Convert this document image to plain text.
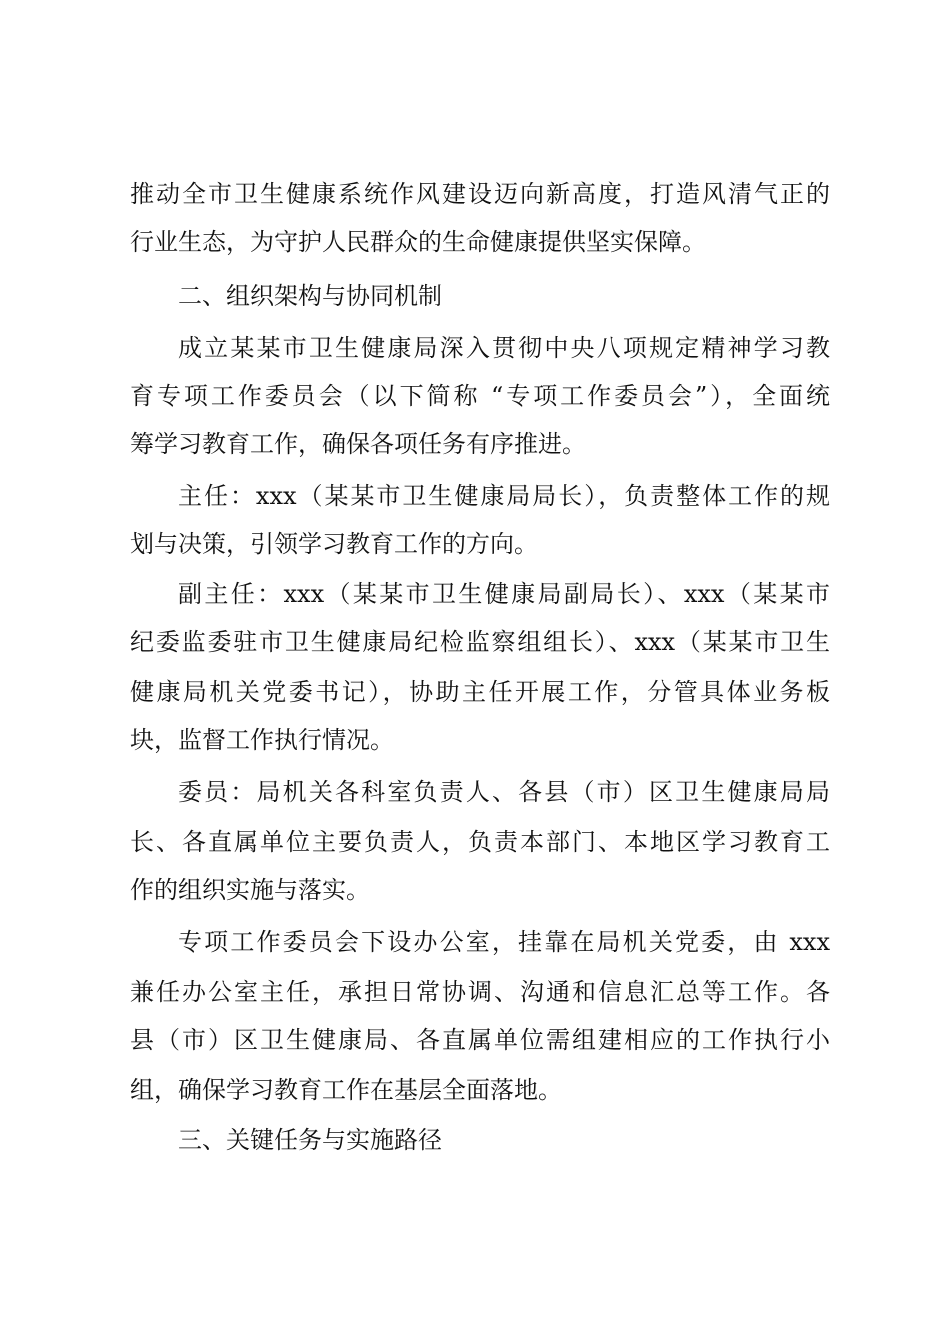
推动全市卫生健康系统作风建设迈向新高度，打造风清气正的
行业生态，为守护人民群众的生命健康提供坚实保障。
二、组织架构与协同机制
成立某某市卫生健康局深入贯彻中央八项规定精神学习教
育专项工作委员会（以下简称 “专项工作委员会”），全面统
筹学习教育工作，确保各项任务有序推进。
主任：xxx（某某市卫生健康局局长），负责整体工作的规
划与决策，引领学习教育工作的方向。
副主任：xxx（某某市卫生健康局副局长）、xxx（某某市
纪委监委驻市卫生健康局纪检监察组组长）、xxx（某某市卫生
健康局机关党委书记），协助主任开展工作，分管具体业务板
块，监督工作执行情况。
委员：局机关各科室负责人、各县（市）区卫生健康局局
长、各直属单位主要负责人，负责本部门、本地区学习教育工
作的组织实施与落实。
专项工作委员会下设办公室，挂靠在局机关党委，由 xxx
兼任办公室主任，承担日常协调、沟通和信息汇总等工作。各
县（市）区卫生健康局、各直属单位需组建相应的工作执行小
组，确保学习教育工作在基层全面落地。
三、关键任务与实施路径
